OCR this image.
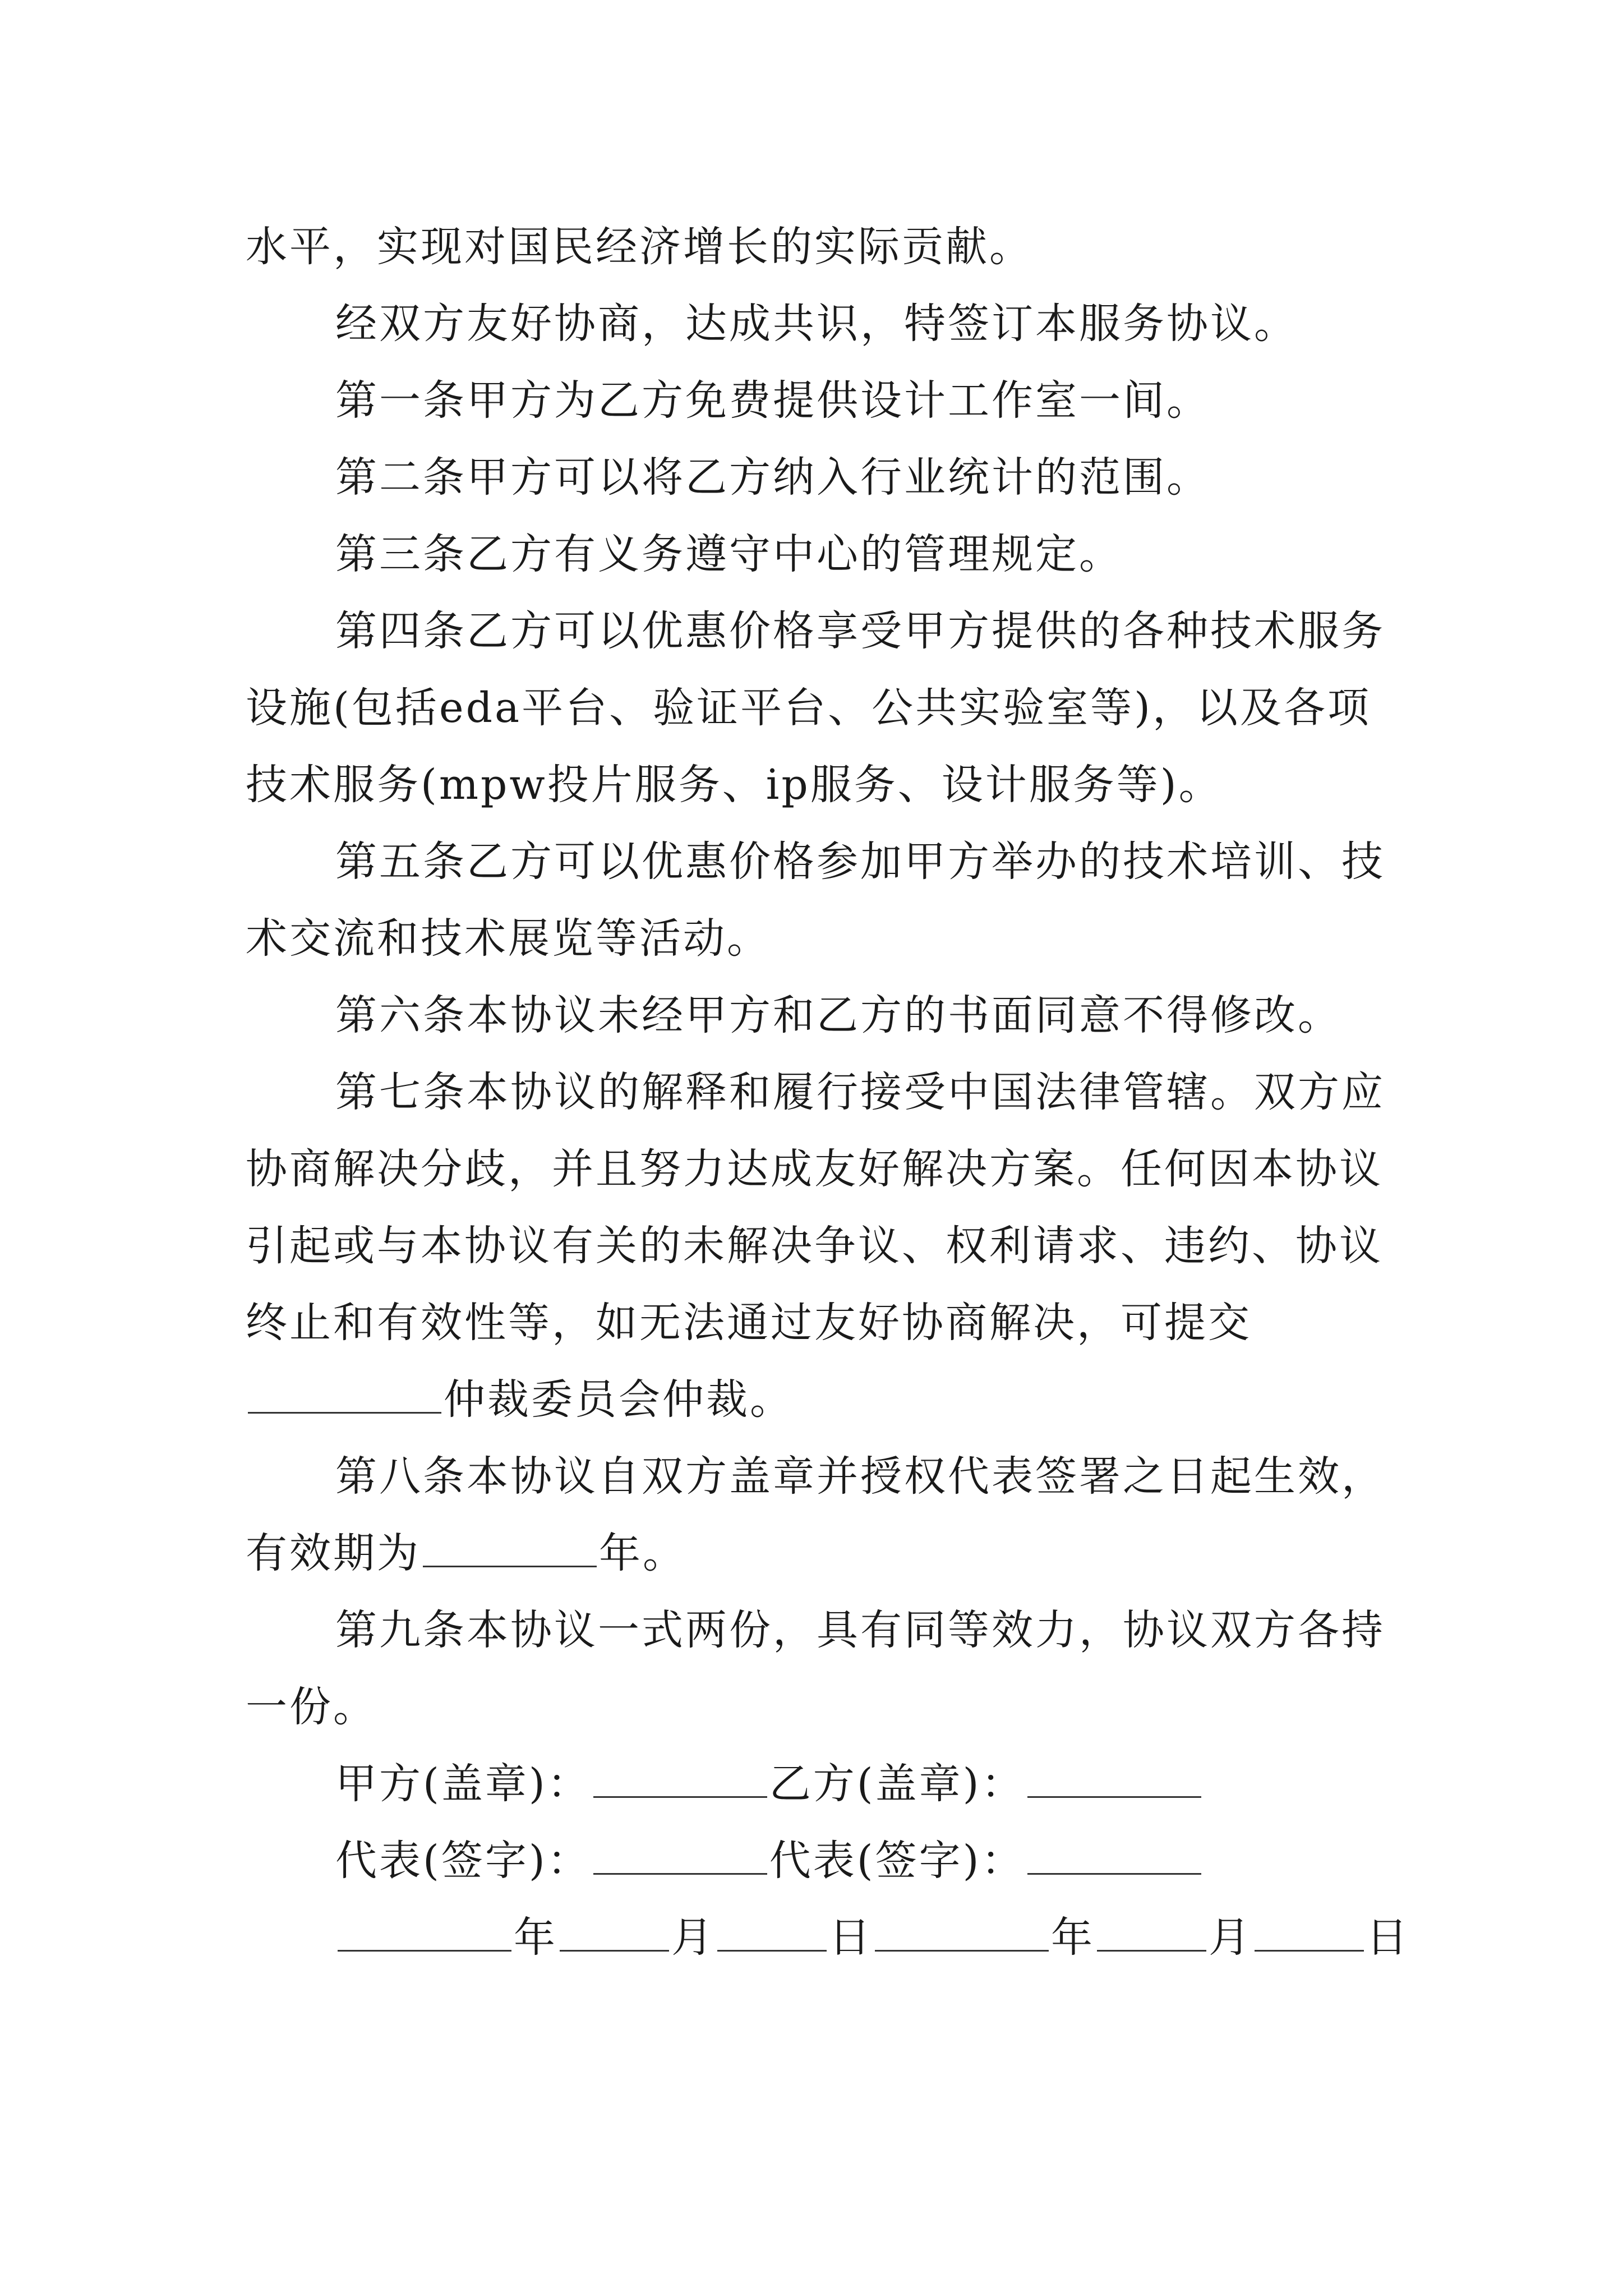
水平，实现对国民经济增长的实际贡献。

经双方友好协商，达成共识，特签订本服务协议。

第一条甲方为乙方免费提供设计工作室一间。

第二条甲方可以将乙方纳入行业统计的范围。

第三条乙方有义务遵守中心的管理规定。

第四条乙方可以优惠价格享受甲方提供的各种技术服务设施(包括eda平台、验证平台、公共实验室等)，以及各项技术服务(mpw投片服务、ip服务、设计服务等)。

第五条乙方可以优惠价格参加甲方举办的技术培训、技术交流和技术展览等活动。

第六条本协议未经甲方和乙方的书面同意不得修改。

第七条本协议的解释和履行接受中国法律管辖。双方应协商解决分歧，并且努力达成友好解决方案。任何因本协议引起或与本协议有关的未解决争议、权利请求、违约、协议终止和有效性等，如无法通过友好协商解决，可提交仲裁委员会仲裁。

第八条本协议自双方盖章并授权代表签署之日起生效，有效期为	年。

第九条本协议一式两份，具有同等效力，协议双方各持一份。

甲方(盖章)：	乙方(盖章)：

代表(签字)：	代表(签字)：

年	月	日	年	月	日
